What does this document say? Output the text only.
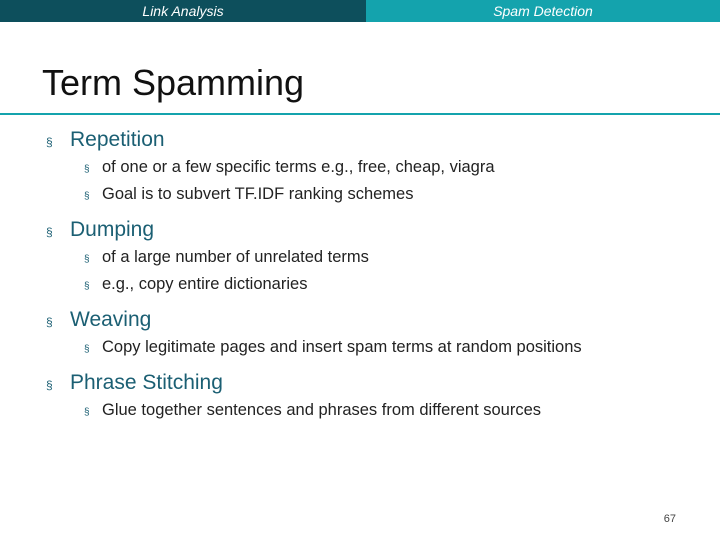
Link Analysis	Spam Detection
Term Spamming
§ Repetition
§ of one or a few specific terms e.g., free, cheap, viagra
§ Goal is to subvert TF.IDF ranking schemes
§ Dumping
§ of a large number of unrelated terms
§ e.g., copy entire dictionaries
§ Weaving
§ Copy legitimate pages and insert spam terms at random positions
§ Phrase Stitching
§ Glue together sentences and phrases from different sources
67
